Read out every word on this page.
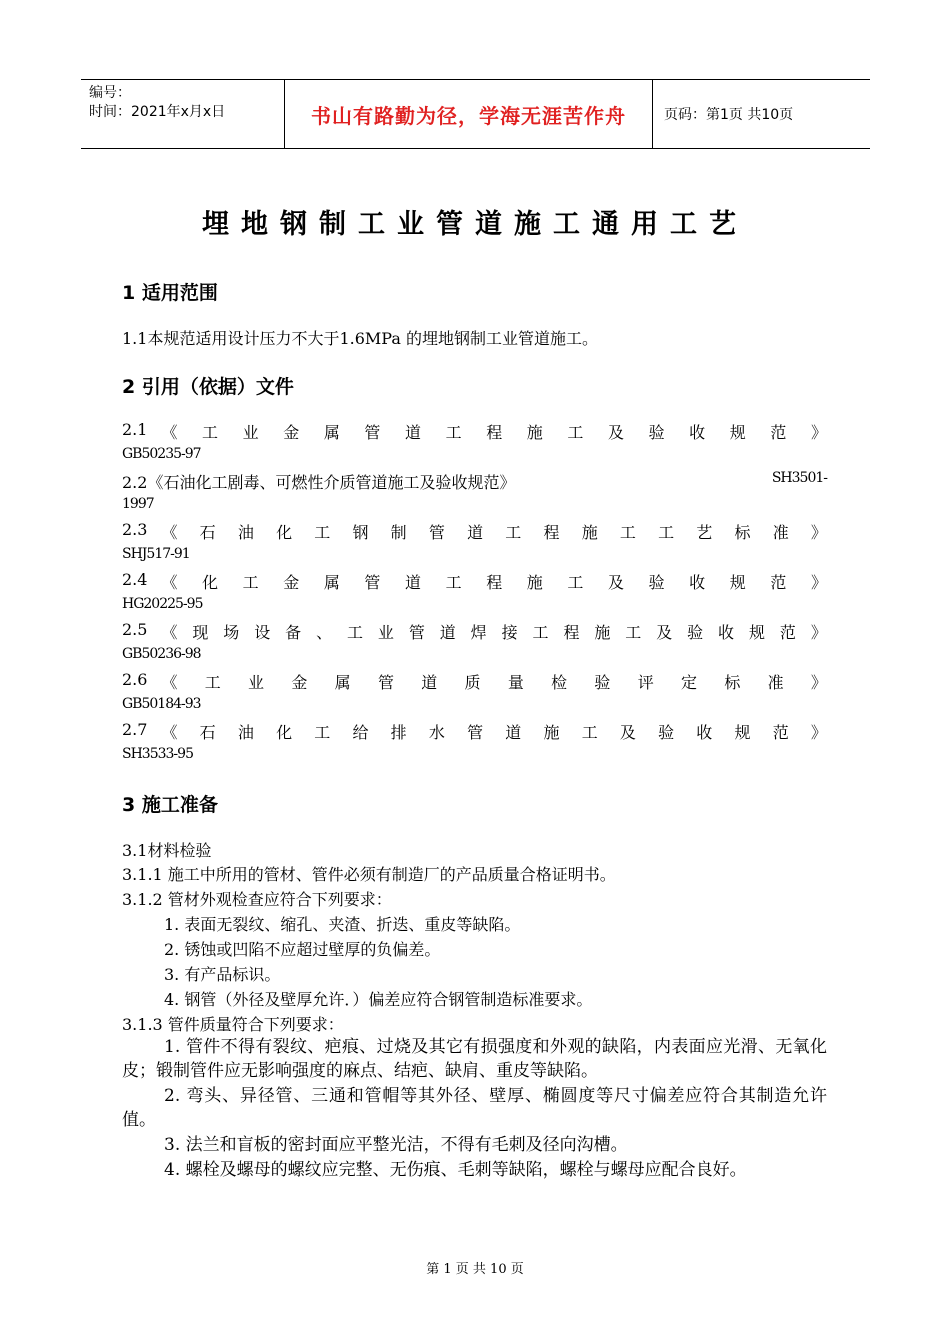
编号：
时间：2021年x月x日	书山有路勤为径，学海无涯苦作舟	页码：第1页 共10页
埋地钢制工业管道施工通用工艺
1 适用范围
1.1本规范适用设计压力不大于1.6MPa 的埋地钢制工业管道施工。
2 引用（依据）文件
2.1 《 工 业 金 属 管 道 工 程 施 工 及 验 收 规 范 》
GB50235-97
2.2《石油化工剧毒、可燃性介质管道施工及验收规范》	SH3501-
1997
2.3 《 石 油 化 工 钢 制 管 道 工 程 施 工 工 艺 标 准 》
SHJ517-91
2.4 《 化 工 金 属 管 道 工 程 施 工 及 验 收 规 范 》
HG20225-95
2.5 《 现 场 设 备 、 工 业 管 道 焊 接 工 程 施 工 及 验 收 规 范 》
GB50236-98
2.6 《 工 业 金 属 管 道 质 量 检 验 评 定 标 准 》
GB50184-93
2.7 《 石 油 化 工 给 排 水 管 道 施 工 及 验 收 规 范 》
SH3533-95
3 施工准备
3.1材料检验
3.1.1 施工中所用的管材、管件必须有制造厂的产品质量合格证明书。
3.1.2 管材外观检查应符合下列要求：
1. 表面无裂纹、缩孔、夹渣、折迭、重皮等缺陷。
2. 锈蚀或凹陷不应超过壁厚的负偏差。
3. 有产品标识。
4. 钢管（外径及壁厚允许．）偏差应符合钢管制造标准要求。
3.1.3 管件质量符合下列要求：
1. 管件不得有裂纹、疤痕、过烧及其它有损强度和外观的缺陷，内表面应光滑、无氧化皮；锻制管件应无影响强度的麻点、结疤、缺肩、重皮等缺陷。
2. 弯头、异径管、三通和管帽等其外径、壁厚、椭圆度等尺寸偏差应符合其制造允许值。
3. 法兰和盲板的密封面应平整光洁，不得有毛刺及径向沟槽。
4. 螺栓及螺母的螺纹应完整、无伤痕、毛刺等缺陷，螺栓与螺母应配合良好。
第 1 页 共 10 页
